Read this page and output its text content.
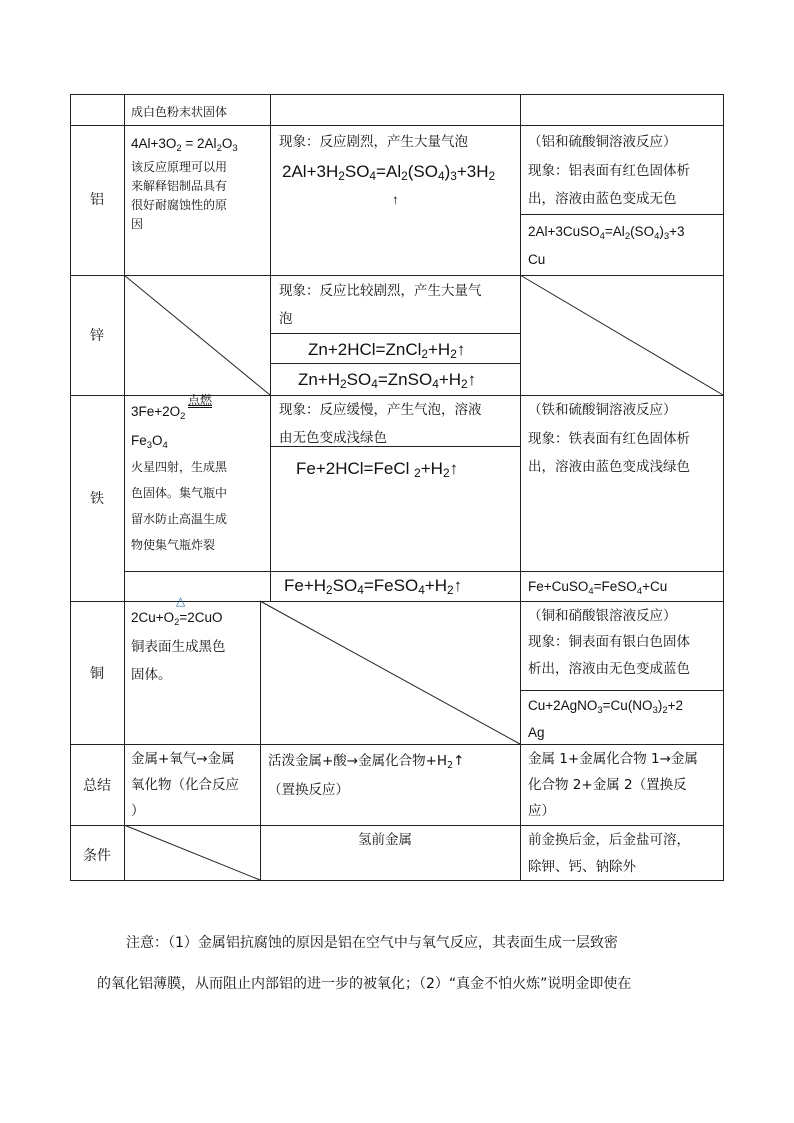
成白色粉末状固体
铝
$4Al+3O_2 = 2Al_2O_3$
该反应原理可以用
来解释铝制品具有
很好耐腐蚀性的原
因
现象：反应剧烈，产生大量气泡
$2Al+3H_2SO_4=Al_2(SO_4)_3+3H_2$
↑
（铝和硫酸铜溶液反应）
现象：铝表面有红色固体析
出，溶液由蓝色变成无色
$2Al+3CuSO_4=Al_2(SO_4)_3+3$
Cu
锌
现象：反应比较剧烈，产生大量气
泡
$Zn+2HCl=ZnCl_2+H_2↑$
$Zn+H_2SO_4=ZnSO_4+H_2↑$
铁
$3Fe+2O_2$
点燃
$Fe_3O_4$
火星四射，生成黑
色固体。集气瓶中
留水防止高温生成
物使集气瓶炸裂
现象：反应缓慢，产生气泡，溶液
由无色变成浅绿色
Fe+2HCl=FeCl $_2+H_2↑$
$Fe+H_2SO_4=FeSO_4+H_2↑$
（铁和硫酸铜溶液反应）
现象：铁表面有红色固体析
出，溶液由蓝色变成浅绿色
Fe+CuSO$_4$=FeSO$_4$+Cu
铜
△
$2Cu+O_2=2CuO$
铜表面生成黑色
固体。
（铜和硝酸银溶液反应）
现象：铜表面有银白色固体
析出，溶液由无色变成蓝色
$Cu+2AgNO_3=Cu(NO_3)_2+2$
Ag
总结
金属+氧气→金属
氧化物（化合反应
）
活泼金属+酸→金属化合物$+H_2↑$
（置换反应）
金属 1+金属化合物 1→金属
化合物 2+金属 2（置换反
应）
条件
氢前金属	前金换后金，后金盐可溶，
除钾、钙、钠除外
注意：（1）金属铝抗腐蚀的原因是铝在空气中与氧气反应，其表面生成一层致密
的氧化铝薄膜，从而阻止内部铝的进一步的被氧化；（2）“真金不怕火炼”说明金即使在
